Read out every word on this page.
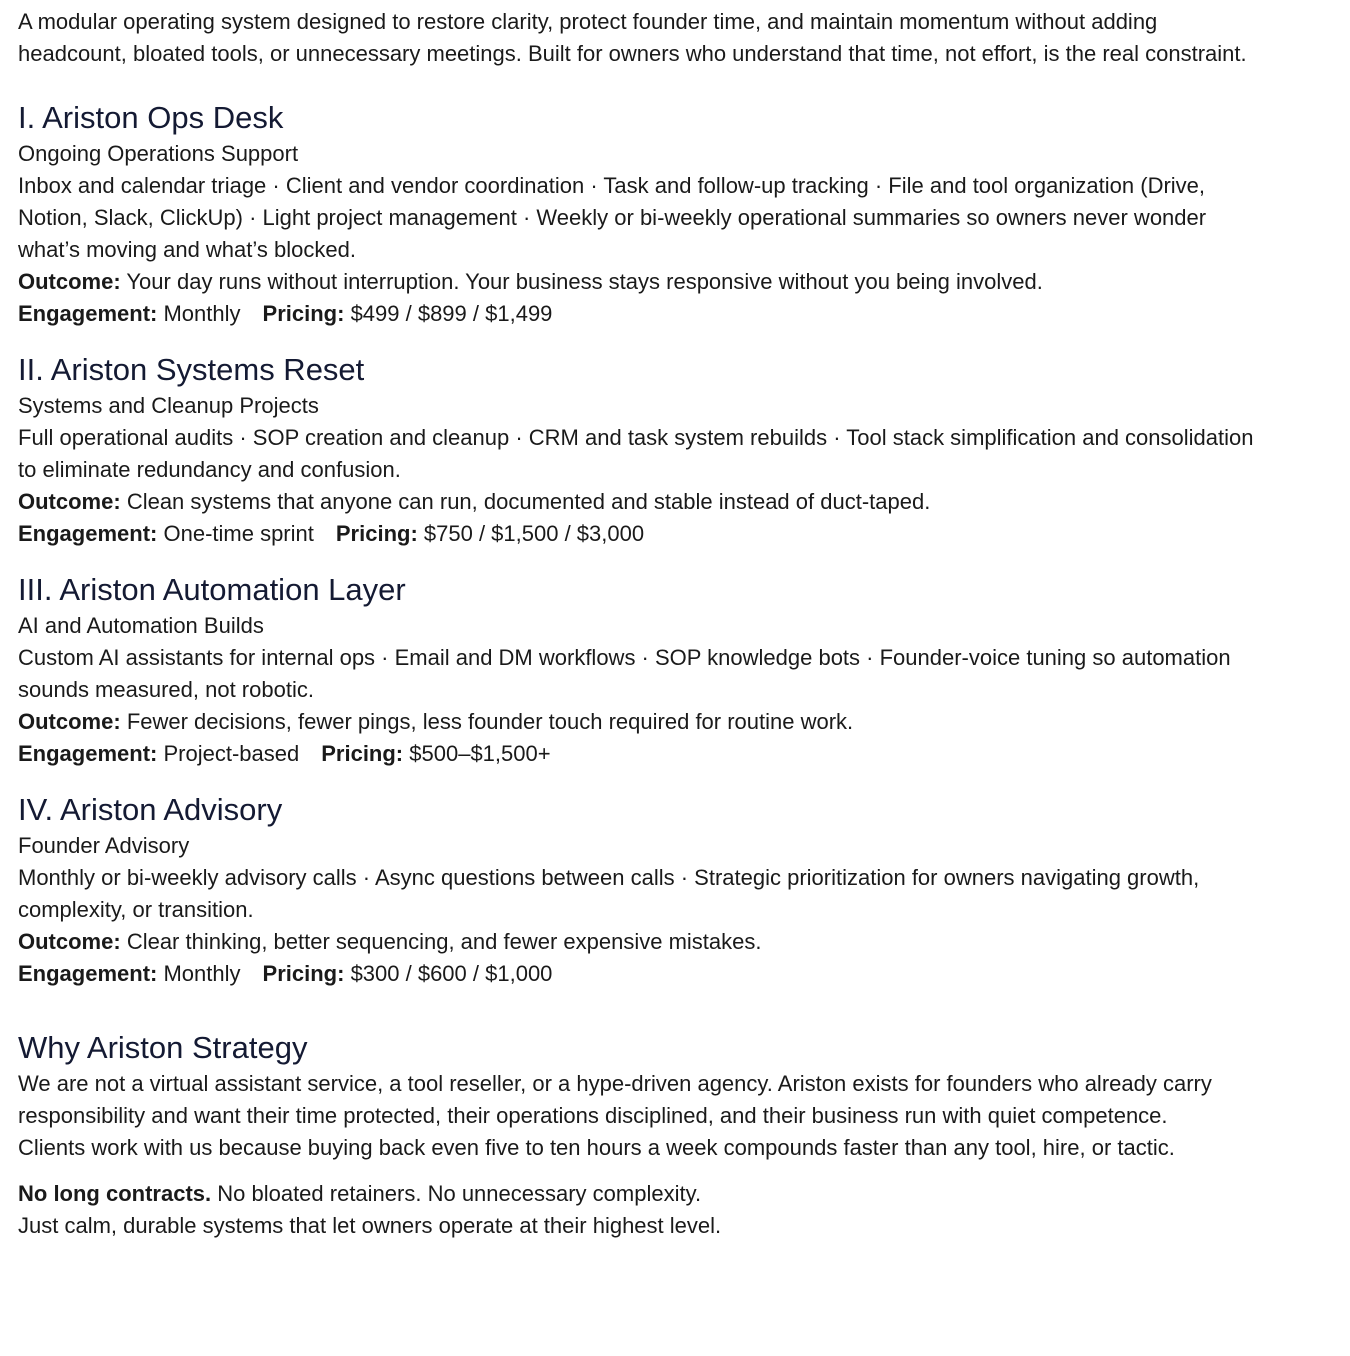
A modular operating system designed to restore clarity, protect founder time, and maintain momentum without adding headcount, bloated tools, or unnecessary meetings. Built for owners who understand that time, not effort, is the real constraint.

I. Ariston Ops Desk

Ongoing Operations Support

Inbox and calendar triage · Client and vendor coordination · Task and follow-up tracking · File and tool organization (Drive, Notion, Slack, ClickUp) · Light project management · Weekly or bi-weekly operational summaries so owners never wonder what’s moving and what’s blocked.

Outcome: Your day runs without interruption. Your business stays responsive without you being involved.

Engagement: Monthly Pricing: $499 / $899 / $1,499

II. Ariston Systems Reset

Systems and Cleanup Projects

Full operational audits · SOP creation and cleanup · CRM and task system rebuilds · Tool stack simplification and consolidation to eliminate redundancy and confusion.

Outcome: Clean systems that anyone can run, documented and stable instead of duct-taped.

Engagement: One-time sprint Pricing: $750 / $1,500 / $3,000

III. Ariston Automation Layer

AI and Automation Builds

Custom AI assistants for internal ops · Email and DM workflows · SOP knowledge bots · Founder-voice tuning so automation sounds measured, not robotic.

Outcome: Fewer decisions, fewer pings, less founder touch required for routine work.

Engagement: Project-based Pricing: $500–$1,500+

IV. Ariston Advisory

Founder Advisory

Monthly or bi-weekly advisory calls · Async questions between calls · Strategic prioritization for owners navigating growth, complexity, or transition.

Outcome: Clear thinking, better sequencing, and fewer expensive mistakes.

Engagement: Monthly Pricing: $300 / $600 / $1,000

Why Ariston Strategy

We are not a virtual assistant service, a tool reseller, or a hype-driven agency. Ariston exists for founders who already carry responsibility and want their time protected, their operations disciplined, and their business run with quiet competence.

Clients work with us because buying back even five to ten hours a week compounds faster than any tool, hire, or tactic.

No long contracts. No bloated retainers. No unnecessary complexity.

Just calm, durable systems that let owners operate at their highest level.
